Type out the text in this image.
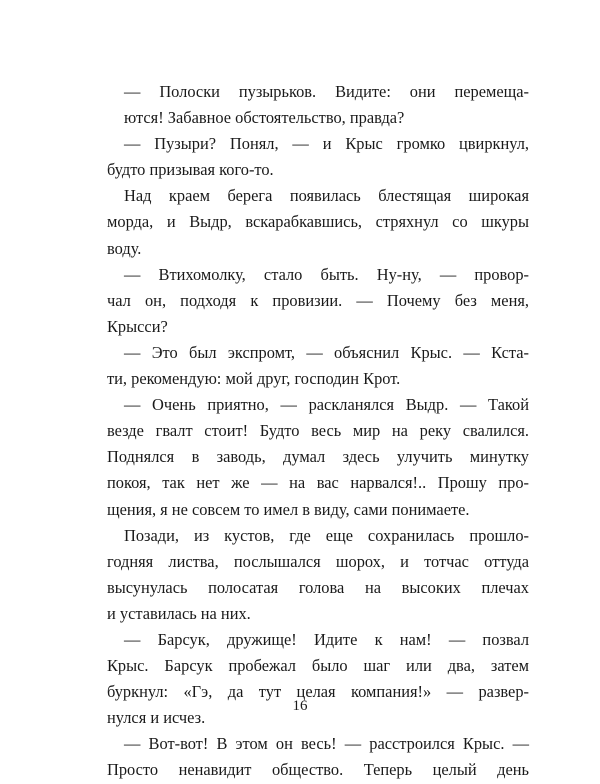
— Полоски пузырьков. Видите: они перемеща-
ются! Забавное обстоятельство, правда?
— Пузыри? Понял, — и Крыс громко цвиркнул,
будто призывая кого-то.
Над краем берега появилась блестящая широкая
морда, и Выдр, вскарабкавшись, стряхнул со шкуры
воду.
— Втихомолку, стало быть. Ну-ну, — провор-
чал он, подходя к провизии. — Почему без меня,
Крысси?
— Это был экспромт, — объяснил Крыс. — Кста-
ти, рекомендую: мой друг, господин Крот.
— Очень приятно, — раскланялся Выдр. — Такой
везде гвалт стоит! Будто весь мир на реку свалился.
Поднялся в заводь, думал здесь улучить минутку
покоя, так нет же — на вас нарвался!.. Прошу про-
щения, я не совсем то имел в виду, сами понимаете.
Позади, из кустов, где еще сохранилась прошло-
годняя листва, послышался шорох, и тотчас оттуда
высунулась полосатая голова на высоких плечах
и уставилась на них.
— Барсук, дружище! Идите к нам! — позвал
Крыс. Барсук пробежал было шаг или два, затем
буркнул: «Гэ, да тут целая компания!» — развер-
нулся и исчез.
— Вот-вот! В этом он весь! — расстроился Крыс. —
Просто ненавидит общество. Теперь целый день
16
